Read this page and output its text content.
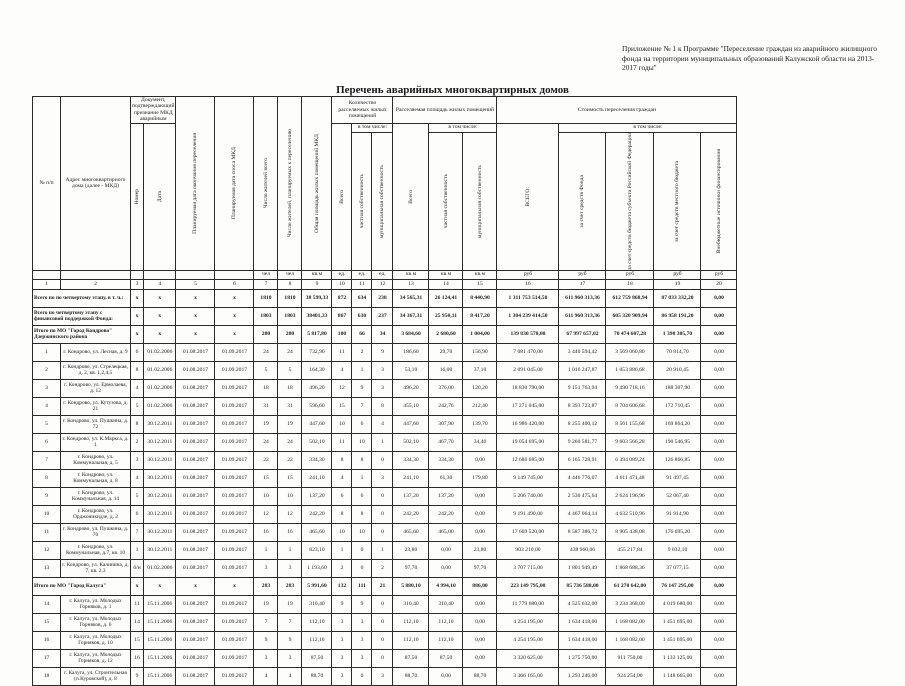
Приложение № 1 к Программе "Переселение граждан из аварийного жилищного фонда на территории муниципальных образований Калужской области на 2013-2017 годы"
Перечень аварийных многоквартирных домов
№ п/п	Адрес многоквартирного дома (далее - МКД)	Документ, подтверждающий признание МКД аварийным		Планируемая дата окончания переселения	Планируемая дата сноса МКД	Число жителей всего	Число жителей, планируемых к переселению	Общая площадь жилых помещений МКД	Количество расселяемых жилых помещений			Расселяемая площадь жилых помещений			Стоимость переселения граждан				

		Номер	Дата						Всего	в том числе:		Всего	в том числе:		ВСЕГО:	в том числе:			

										частная собственность	муниципальная собственность		частная собственность	муниципальная собственность		за счет средств Фонда	за счет средств бюджета субъекта Российской Федерации	за счет средств местного бюджета	Внебюджетные источники финансирования

						чел	чел	кв.м	ед.	ед.	ед.	кв.м	кв.м	кв.м	руб	руб	руб	руб	руб
1	2	3	4	5	6	7	8	9	10	11	12	13	14	15	16	17	18	19	20
Всего по по четвертому этапу, в т. ч.:		x	x	x	x	1810	1810	38 599,33	872	634	238	34 565,31	26 124,41	8 440,90	1 311 753 514,50	611 960 313,36	612 759 868,94	87 033 332,20	0,00
Всего по четвертому этапу с финансовой поддержкой Фонда:		x	x	x	x	1803	1803	38401,33	867	630	237	34 367,31	25 950,11	8 417,20	1 304 239 414,50	611 960 313,36	605 320 909,94	86 958 191,20	0,00
Итого по МО "Город Кондрово" Дзержинского района		x	x	x	x	200	200	5 817,80	100	66	34	3 684,60	2 680,60	1 004,00	139 830 570,00	67 997 657,02	70 474 607,28	1 398 305,70	0,00
1	г. Кондрово, ул. Лесная, д. 9	6	01.02.2006	01.08.2017	01.09.2017	24	24	732,90	11	2	9	186,60	29,70	156,90	7 081 470,00	3 440 594,42	3 569 060,80	70 814,70	0,00
2	г. Кондрово, ул. Стрелецкая, д. 2, кв. 1,2,4,5	8	01.02.2006	01.08.2017	01.09.2017	5	5	164,30	4	1	3	53,10	16,00	37,10	2 091 045,00	1 016 247,87	1 053 886,68	20 910,45	0,00
3	г. Кондрово, ул. Ермолаева, д. 12	4	01.02.2006	01.08.2017	01.09.2017	18	18	496,20	12	9	3	496,20	376,00	120,20	18 830 790,00	9 151 763,94	9 490 718,16	188 307,90	0,00
4	г. Кондрово, ул. Кутузова, д. 21	5	01.02.2006	01.08.2017	01.09.2017	31	31	596,60	15	7	8	455,10	242,76	212,40	17 271 045,00	8 393 723,87	8 704 606,68	172 710,45	0,00
5	г. Кондрово, ул. Пушкина, д. 72	8	30.12.2011	01.08.2017	01.09.2017	19	19	447,60	10	6	4	447,60	307,90	139,70	16 986 420,00	8 255 400,12	8 561 155,68	169 864,20	0,00
6	г. Кондрово, ул. К.Маркса, д. 1	2	30.12.2011	01.08.2017	01.09.2017	24	24	502,10	11	10	1	502,10	467,70	34,40	19 054 695,00	9 260 581,77	9 603 566,28	190 546,95	0,00
7	г. Кондрово, ул. Коммунальная, д. 5	3	30.12.2011	01.08.2017	01.09.2017	22	22	334,30	8	8	0	334,30	334,30	0,00	12 686 685,00	6 165 728,91	6 394 089,24	126 866,85	0,00
8	г. Кондрово, ул. Коммунальная, д. 8	4	30.12.2011	01.08.2017	01.09.2017	15	15	241,10	4	1	3	241,10	61,30	179,80	9 149 745,00	4 446 776,07	4 611 471,48	91 497,45	0,00
9	г. Кондрово, ул. Коммунальная, д. 14	5	30.12.2011	01.08.2017	01.09.2017	10	10	137,20	6	6	0	137,20	137,20	0,00	5 206 740,00	2 530 475,64	2 624 196,96	52 067,40	0,00
10	г. Кондрово, ул. Орджоникидзе, д. 2	6	30.12.2011	01.08.2017	01.09.2017	12	12	242,20	8	8	0	242,20	242,20	0,00	9 191 490,00	4 467 064,14	4 632 510,96	91 914,90	0,00
11	г. Кондрово, ул. Пушкина, д. 70	7	30.12.2011	01.08.2017	01.09.2017	16	16	465,60	10	10	0	465,60	465,00	0,00	17 669 520,00	8 587 386,72	8 905 438,08	176 695,20	0,00
12	г. Кондрово, ул. Коммунальная, д.7, кв. 10	1	30.12.2011	01.08.2017	01.09.2017	1	1	823,10	1	0	1	23,80	0,00	23,80	903 210,00	438 960,06	455 217,84	9 032,10	0,00
13	г. Кондрово, ул. Калинина, д. 7, кв. 2,3	6/н	01.02.2006	01.08.2017	01.09.2017	3	3	1 193,60	2	0	2	97,70	0,00	97,70	3 707 715,00	1 801 949,49	1 868 688,36	37 077,15	0,00
Итого по МО "Город Калуга"		x	x	x	x	283	283	5 991,60	132	111	21	5 880,10	4 994,10	886,00	223 149 795,00	85 736 588,00	61 270 642,00	76 147 295,00	0,00
14	г. Калуга, ул. Молодых Горняков, д. 1	11	15.11.2006	01.08.2017	01.09.2017	19	19	310,40	9	9	0	310,40	310,40	0,00	11 779 680,00	4 525 632,00	3 234 368,00	4 019 680,00	0,00
15	г. Калуга, ул. Молодых Горняков, д. 6	14	15.11.2006	01.08.2017	01.09.2017	7	7	112,10	3	3	0	112,10	112,10	0,00	4 254 195,00	1 634 418,00	1 168 082,00	1 451 695,00	0,00
16	г. Калуга, ул. Молодых Горняков, д. 10	15	15.11.2006	01.08.2017	01.09.2017	9	9	112,10	3	3	0	112,10	112,10	0,00	4 254 195,00	1 634 418,00	1 168 082,00	1 451 695,00	0,00
17	г. Калуга, ул. Молодых Горняков, д. 12	16	15.11.2006	01.08.2017	01.09.2017	3	3	87,50	3	3	0	87,50	87,50	0,00	3 320 625,00	1 275 750,00	911 750,00	1 133 125,00	0,00
18	г. Калуга, ул. Строительная (п.Куровской), д. 8	9	15.11.2006	01.08.2017	01.09.2017	4	4	88,70	3	0	3	88,70	0,00	88,70	3 366 165,00	1 293 246,00	924 254,00	1 148 665,00	0,00
